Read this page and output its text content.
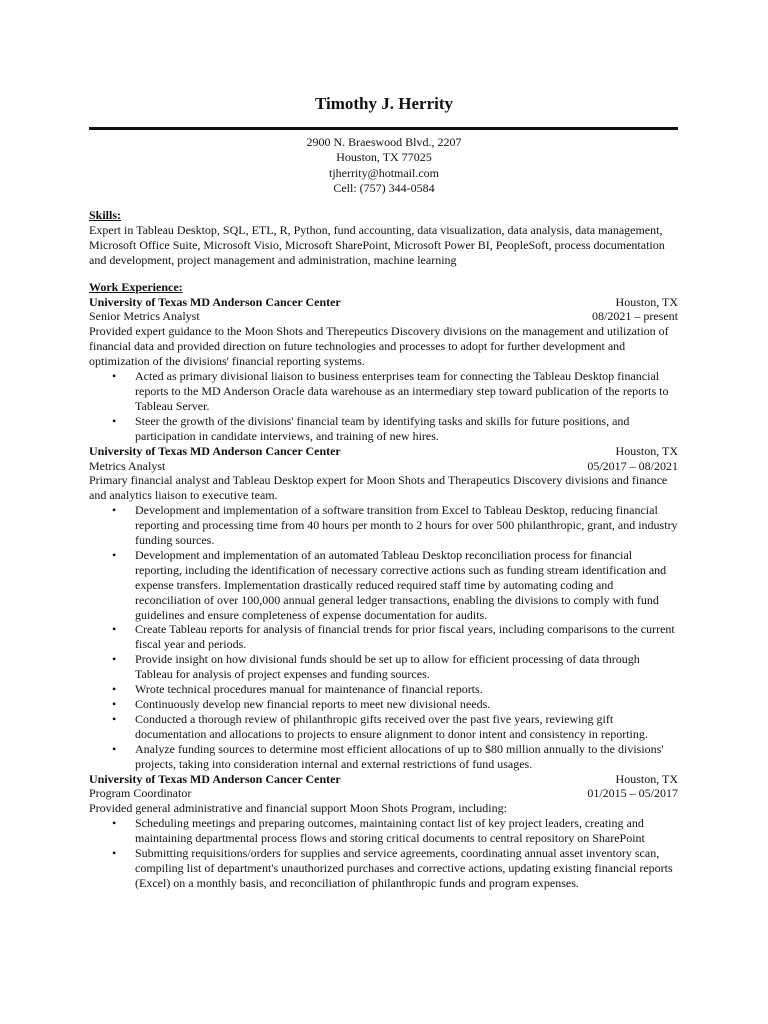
Timothy J. Herrity
2900 N. Braeswood Blvd., 2207
Houston, TX 77025
tjherrity@hotmail.com
Cell: (757) 344-0584
Skills:
Expert in Tableau Desktop, SQL, ETL, R, Python, fund accounting, data visualization, data analysis, data management, Microsoft Office Suite, Microsoft Visio, Microsoft SharePoint, Microsoft Power BI, PeopleSoft, process documentation and development, project management and administration, machine learning
Work Experience:
University of Texas MD Anderson Cancer Center	Houston, TX
Senior Metrics Analyst	08/2021 – present
Provided expert guidance to the Moon Shots and Therepeutics Discovery divisions on the management and utilization of financial data and provided direction on future technologies and processes to adopt for further development and optimization of the divisions' financial reporting systems.
• Acted as primary divisional liaison to business enterprises team for connecting the Tableau Desktop financial reports to the MD Anderson Oracle data warehouse as an intermediary step toward publication of the reports to Tableau Server.
• Steer the growth of the divisions' financial team by identifying tasks and skills for future positions, and participation in candidate interviews, and training of new hires.
University of Texas MD Anderson Cancer Center	Houston, TX
Metrics Analyst	05/2017 – 08/2021
Primary financial analyst and Tableau Desktop expert for Moon Shots and Therapeutics Discovery divisions and finance and analytics liaison to executive team.
• Development and implementation of a software transition from Excel to Tableau Desktop, reducing financial reporting and processing time from 40 hours per month to 2 hours for over 500 philanthropic, grant, and industry funding sources.
• Development and implementation of an automated Tableau Desktop reconciliation process for financial reporting, including the identification of necessary corrective actions such as funding stream identification and expense transfers. Implementation drastically reduced required staff time by automating coding and reconciliation of over 100,000 annual general ledger transactions, enabling the divisions to comply with fund guidelines and ensure completeness of expense documentation for audits.
• Create Tableau reports for analysis of financial trends for prior fiscal years, including comparisons to the current fiscal year and periods.
• Provide insight on how divisional funds should be set up to allow for efficient processing of data through Tableau for analysis of project expenses and funding sources.
• Wrote technical procedures manual for maintenance of financial reports.
• Continuously develop new financial reports to meet new divisional needs.
• Conducted a thorough review of philanthropic gifts received over the past five years, reviewing gift documentation and allocations to projects to ensure alignment to donor intent and consistency in reporting.
• Analyze funding sources to determine most efficient allocations of up to $80 million annually to the divisions' projects, taking into consideration internal and external restrictions of fund usages.
University of Texas MD Anderson Cancer Center	Houston, TX
Program Coordinator	01/2015 – 05/2017
Provided general administrative and financial support Moon Shots Program, including:
• Scheduling meetings and preparing outcomes, maintaining contact list of key project leaders, creating and maintaining departmental process flows and storing critical documents to central repository on SharePoint
• Submitting requisitions/orders for supplies and service agreements, coordinating annual asset inventory scan, compiling list of department's unauthorized purchases and corrective actions, updating existing financial reports (Excel) on a monthly basis, and reconciliation of philanthropic funds and program expenses.
